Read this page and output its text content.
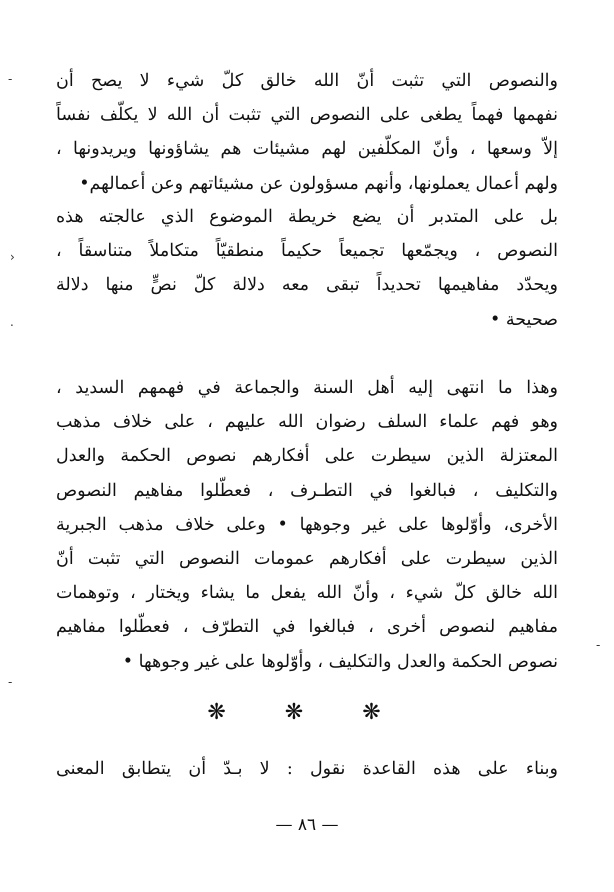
والنصوص التي تثبت أنّ الله خالق كلّ شيء لا يصح أن
نفهمها فهماً يطغى على النصوص التي تثبت أن الله لا يكلّف نفساً
إلاّ وسعها ، وأنّ المكلّفين لهم مشيئات هم يشاؤونها ويريدونها ،
ولهم أعمال يعملونها، وأنهم مسؤولون عن مشيئاتهم وعن أعمالهم•
بل على المتدبر أن يضع خريطة الموضوع الذي عالجته هذه
النصوص ، ويجمّعها تجميعاً حكيماً منطقيّاً متكاملاً متناسقاً ،
ويحدّد مفاهيمها تحديداً تبقى معه دلالة كلّ نصٍّ منها دلالة
صحيحة •
وهذا ما انتهى إليه أهل السنة والجماعة في فهمهم السديد ،
وهو فهم علماء السلف رضوان الله عليهم ، على خلاف مذهب
المعتزلة الذين سيطرت على أفكارهم نصوص الحكمة والعدل
والتكليف ، فبالغوا في التطـرف ، فعطّلوا مفاهيم النصوص
الأخرى، وأوّلوها على غير وجوهها • وعلى خلاف مذهب الجبرية
الذين سيطرت على أفكارهم عمومات النصوص التي تثبت أنّ
الله خالق كلّ شيء ، وأنّ الله يفعل ما يشاء ويختار ، وتوهمات
مفاهيم لنصوص أخرى ، فبالغوا في التطرّف ، فعطّلوا مفاهيم
نصوص الحكمة والعدل والتكليف ، وأوّلوها على غير وجوهها •
❋ ❋ ❋
وبناء على هذه القاعدة نقول : لا بـدّ أن يتطابق المعنى
— ٨٦ —
-
›
.
-
-
